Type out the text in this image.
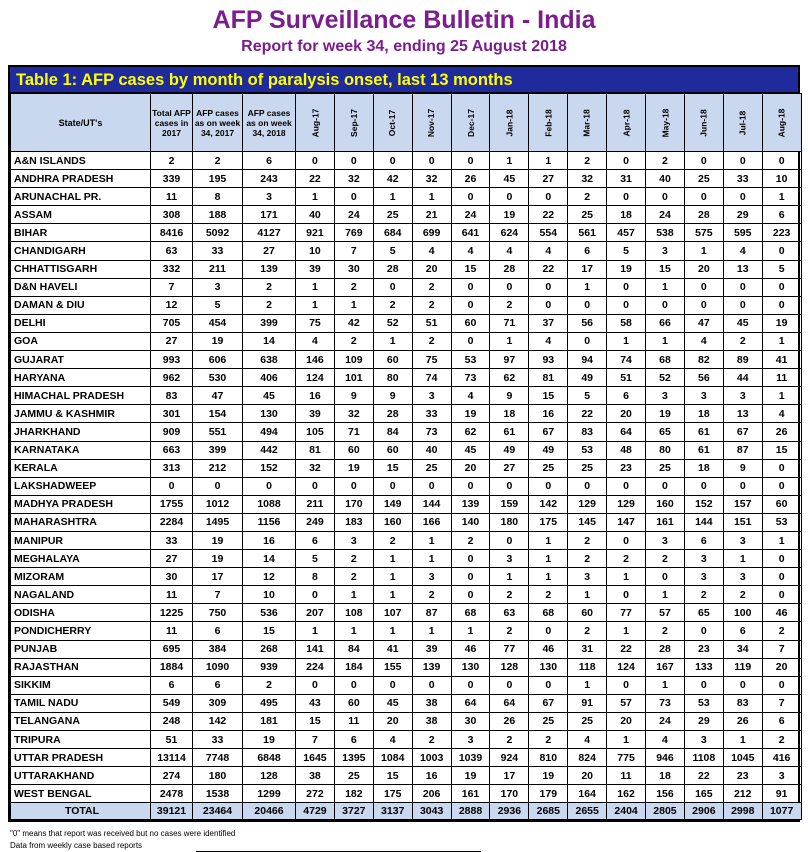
AFP Surveillance Bulletin - India
Report for week 34, ending 25 August 2018
Table 1: AFP cases by month of paralysis onset, last 13 months
State/UT's	Total AFP cases in 2017	AFP cases as on week 34, 2017	AFP cases as on week 34, 2018	Aug-17	Sep-17	Oct-17	Nov-17	Dec-17	Jan-18	Feb-18	Mar-18	Apr-18	May-18	Jun-18	Jul-18	Aug-18
A&N ISLANDS	2	2	6	0	0	0	0	0	1	1	2	0	2	0	0	0
ANDHRA PRADESH	339	195	243	22	32	42	32	26	45	27	32	31	40	25	33	10
ARUNACHAL PR.	11	8	3	1	0	1	1	0	0	0	2	0	0	0	0	1
ASSAM	308	188	171	40	24	25	21	24	19	22	25	18	24	28	29	6
BIHAR	8416	5092	4127	921	769	684	699	641	624	554	561	457	538	575	595	223
CHANDIGARH	63	33	27	10	7	5	4	4	4	4	6	5	3	1	4	0
CHHATTISGARH	332	211	139	39	30	28	20	15	28	22	17	19	15	20	13	5
D&N HAVELI	7	3	2	1	2	0	2	0	0	0	1	0	1	0	0	0
DAMAN & DIU	12	5	2	1	1	2	2	0	2	0	0	0	0	0	0	0
DELHI	705	454	399	75	42	52	51	60	71	37	56	58	66	47	45	19
GOA	27	19	14	4	2	1	2	0	1	4	0	1	1	4	2	1
GUJARAT	993	606	638	146	109	60	75	53	97	93	94	74	68	82	89	41
HARYANA	962	530	406	124	101	80	74	73	62	81	49	51	52	56	44	11
HIMACHAL PRADESH	83	47	45	16	9	9	3	4	9	15	5	6	3	3	3	1
JAMMU & KASHMIR	301	154	130	39	32	28	33	19	18	16	22	20	19	18	13	4
JHARKHAND	909	551	494	105	71	84	73	62	61	67	83	64	65	61	67	26
KARNATAKA	663	399	442	81	60	60	40	45	49	49	53	48	80	61	87	15
KERALA	313	212	152	32	19	15	25	20	27	25	25	23	25	18	9	0
LAKSHADWEEP	0	0	0	0	0	0	0	0	0	0	0	0	0	0	0	0
MADHYA PRADESH	1755	1012	1088	211	170	149	144	139	159	142	129	129	160	152	157	60
MAHARASHTRA	2284	1495	1156	249	183	160	166	140	180	175	145	147	161	144	151	53
MANIPUR	33	19	16	6	3	2	1	2	0	1	2	0	3	6	3	1
MEGHALAYA	27	19	14	5	2	1	1	0	3	1	2	2	2	3	1	0
MIZORAM	30	17	12	8	2	1	3	0	1	1	3	1	0	3	3	0
NAGALAND	11	7	10	0	1	1	2	0	2	2	1	0	1	2	2	0
ODISHA	1225	750	536	207	108	107	87	68	63	68	60	77	57	65	100	46
PONDICHERRY	11	6	15	1	1	1	1	1	2	0	2	1	2	0	6	2
PUNJAB	695	384	268	141	84	41	39	46	77	46	31	22	28	23	34	7
RAJASTHAN	1884	1090	939	224	184	155	139	130	128	130	118	124	167	133	119	20
SIKKIM	6	6	2	0	0	0	0	0	0	0	1	0	1	0	0	0
TAMIL NADU	549	309	495	43	60	45	38	64	64	67	91	57	73	53	83	7
TELANGANA	248	142	181	15	11	20	38	30	26	25	25	20	24	29	26	6
TRIPURA	51	33	19	7	6	4	2	3	2	2	4	1	4	3	1	2
UTTAR PRADESH	13114	7748	6848	1645	1395	1084	1003	1039	924	810	824	775	946	1108	1045	416
UTTARAKHAND	274	180	128	38	25	15	16	19	17	19	20	11	18	22	23	3
WEST BENGAL	2478	1538	1299	272	182	175	206	161	170	179	164	162	156	165	212	91
TOTAL	39121	23464	20466	4729	3727	3137	3043	2888	2936	2685	2655	2404	2805	2906	2998	1077
"0" means that report was received but no cases were identified
Data from weekly case based reports
